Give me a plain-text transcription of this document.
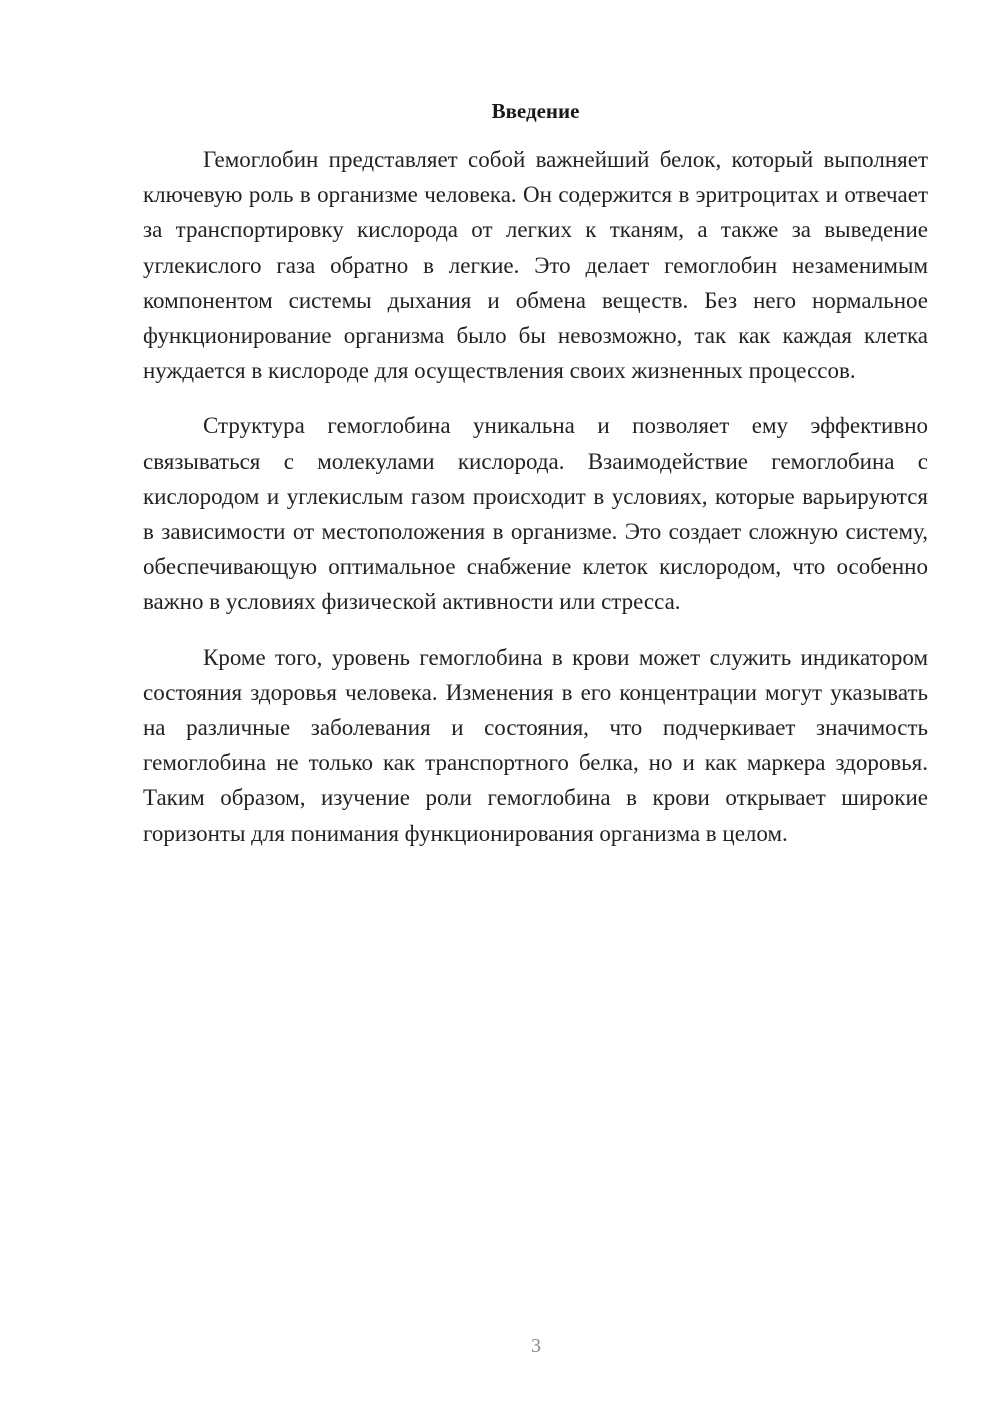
Введение

Гемоглобин представляет собой важнейший белок, который выполняет ключевую роль в организме человека. Он содержится в эритроцитах и отвечает за транспортировку кислорода от легких к тканям, а также за выведение углекислого газа обратно в легкие. Это делает гемоглобин незаменимым компонентом системы дыхания и обмена веществ. Без него нормальное функционирование организма было бы невозможно, так как каждая клетка нуждается в кислороде для осуществления своих жизненных процессов.

Структура гемоглобина уникальна и позволяет ему эффективно связываться с молекулами кислорода. Взаимодействие гемоглобина с кислородом и углекислым газом происходит в условиях, которые варьируются в зависимости от местоположения в организме. Это создает сложную систему, обеспечивающую оптимальное снабжение клеток кислородом, что особенно важно в условиях физической активности или стресса.

Кроме того, уровень гемоглобина в крови может служить индикатором состояния здоровья человека. Изменения в его концентрации могут указывать на различные заболевания и состояния, что подчеркивает значимость гемоглобина не только как транспортного белка, но и как маркера здоровья. Таким образом, изучение роли гемоглобина в крови открывает широкие горизонты для понимания функционирования организма в целом.

3
